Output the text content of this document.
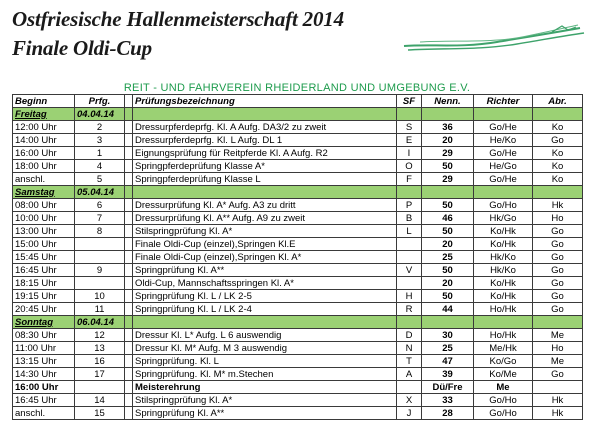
Ostfriesische Hallenmeisterschaft 2014
Finale Oldi-Cup
REIT - UND FAHRVEREIN RHEIDERLAND UND UMGEBUNG E.V.
Beginn	Prfg.		Prüfungsbezeichnung	SF	Nenn.	Richter	Abr.
Freitag	04.04.14						
12:00 Uhr	2		Dressurpferdeprfg. Kl. A Aufg. DA3/2 zu zweit	S	36	Go/He	Ko
14:00 Uhr	3		Dressurpferdeprfg. Kl. L Aufg. DL 1	E	20	He/Ko	Go
16:00 Uhr	1		Eignungsprüfung für Reitpferde Kl. A Aufg. R2	I	29	Go/He	Ko
18:00 Uhr	4		Springpferdeprüfung Klasse A*	O	50	He/Go	Ko
anschl.	5		Springpferdeprüfung Klasse L	F	29	Go/He	Ko
Samstag	05.04.14						
08:00 Uhr	6		Dressurprüfung Kl. A* Aufg. A3 zu dritt	P	50	Go/Ho	Hk
10:00 Uhr	7		Dressurprüfung Kl. A** Aufg. A9 zu zweit	B	46	Hk/Go	Ho
13:00 Uhr	8		Stilspringprüfung Kl. A*	L	50	Ko/Hk	Go
15:00 Uhr			Finale Oldi-Cup (einzel),Springen Kl.E		20	Ko/Hk	Go
15:45 Uhr			Finale Oldi-Cup (einzel),Springen Kl. A*		25	Hk/Ko	Go
16:45 Uhr	9		Springprüfung Kl. A**	V	50	Hk/Ko	Go
18:15 Uhr			Oldi-Cup, Mannschaftsspringen Kl. A*		20	Ko/Hk	Go
19:15 Uhr	10		Springprüfung Kl. L / LK 2-5	H	50	Ko/Hk	Go
20:45 Uhr	11		Springprüfung Kl. L / LK 2-4	R	44	Ho/Hk	Go
Sonntag	06.04.14						
08:30 Uhr	12		Dressur Kl. L* Aufg. L 6 auswendig	D	30	Ho/Hk	Me
11:00 Uhr	13		Dressur Kl. M* Aufg. M 3 auswendig	N	25	Me/Hk	Ho
13:15 Uhr	16		Springprüfung. Kl. L	T	47	Ko/Go	Me
14:30 Uhr	17		Springprüfung. Kl. M* m.Stechen	A	39	Ko/Me	Go
16:00 Uhr			Meisterehrung		Dü/Fre	Me	
16:45 Uhr	14		Stilspringprüfung Kl. A*	X	33	Go/Ho	Hk
anschl.	15		Springprüfung Kl. A**	J	28	Go/Ho	Hk
